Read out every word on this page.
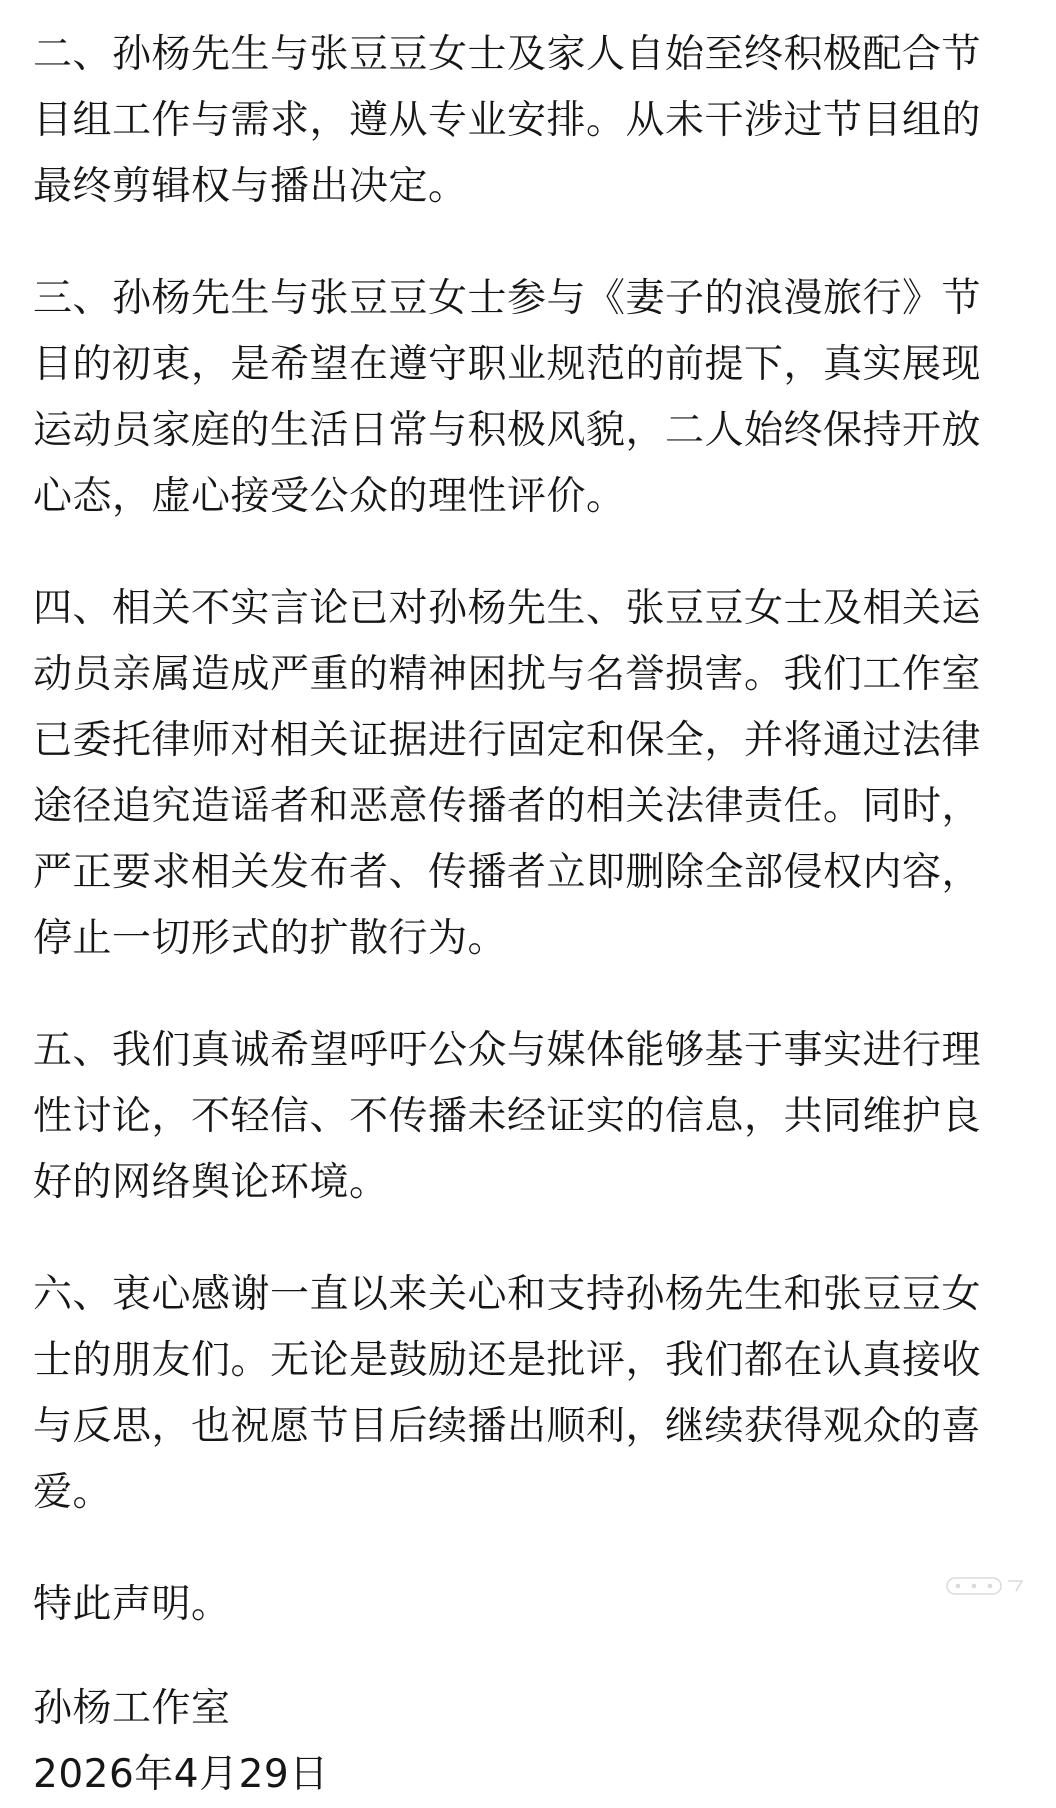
二、孙杨先生与张豆豆女士及家人自始至终积极配合节
目组工作与需求，遵从专业安排。从未干涉过节目组的
最终剪辑权与播出决定。

三、孙杨先生与张豆豆女士参与《妻子的浪漫旅行》节
目的初衷，是希望在遵守职业规范的前提下，真实展现
运动员家庭的生活日常与积极风貌，二人始终保持开放
心态，虚心接受公众的理性评价。

四、相关不实言论已对孙杨先生、张豆豆女士及相关运
动员亲属造成严重的精神困扰与名誉损害。我们工作室
已委托律师对相关证据进行固定和保全，并将通过法律
途径追究造谣者和恶意传播者的相关法律责任。同时，
严正要求相关发布者、传播者立即删除全部侵权内容，
停止一切形式的扩散行为。

五、我们真诚希望呼吁公众与媒体能够基于事实进行理
性讨论，不轻信、不传播未经证实的信息，共同维护良
好的网络舆论环境。

六、衷心感谢一直以来关心和支持孙杨先生和张豆豆女
士的朋友们。无论是鼓励还是批评，我们都在认真接收
与反思，也祝愿节目后续播出顺利，继续获得观众的喜
爱。

特此声明。

孙杨工作室

2026年4月29日
